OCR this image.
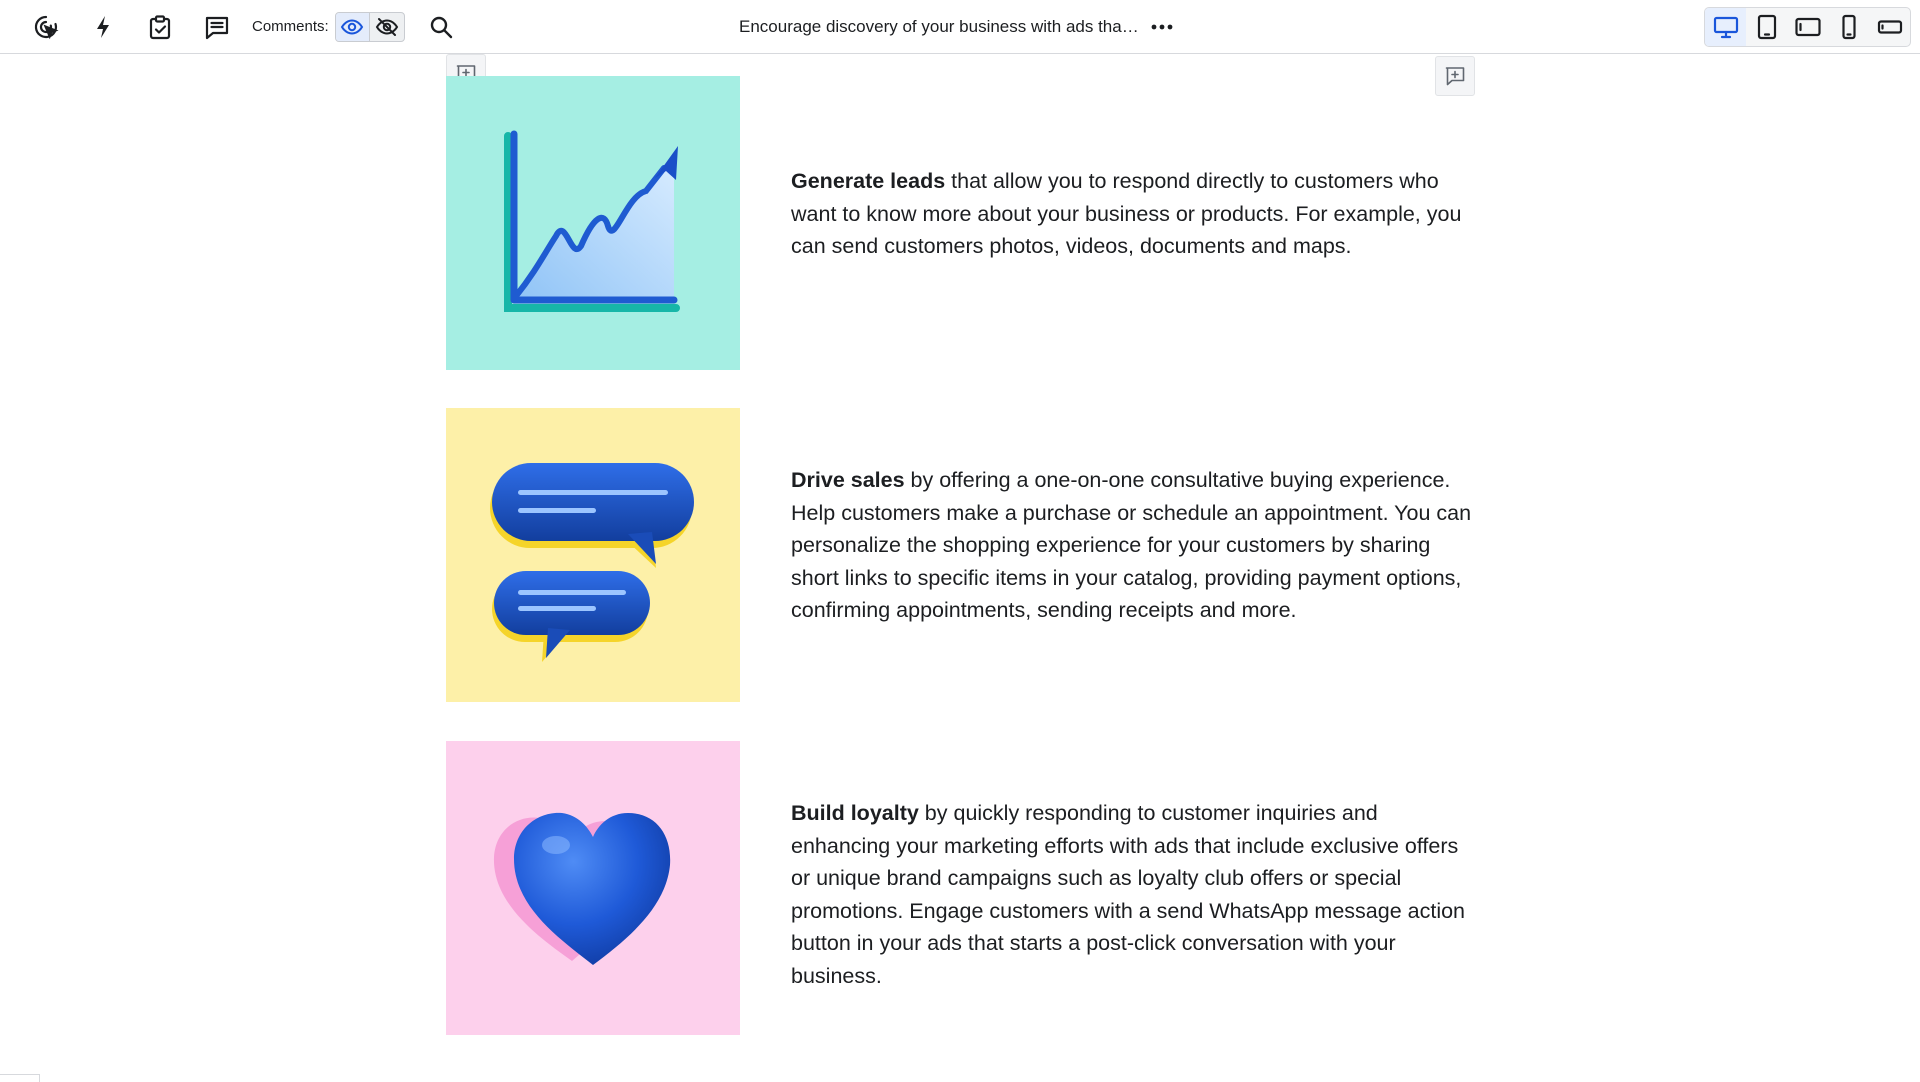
Comments:	Encourage discovery of your business with ads tha…

Generate leads that allow you to respond directly to customers who want to know more about your business or products. For example, you can send customers photos, videos, documents and maps.

Drive sales by offering a one-on-one consultative buying experience. Help customers make a purchase or schedule an appointment. You can personalize the shopping experience for your customers by sharing short links to specific items in your catalog, providing payment options, confirming appointments, sending receipts and more.

Build loyalty by quickly responding to customer inquiries and enhancing your marketing efforts with ads that include exclusive offers or unique brand campaigns such as loyalty club offers or special promotions. Engage customers with a send WhatsApp message action button in your ads that starts a post-click conversation with your business.
